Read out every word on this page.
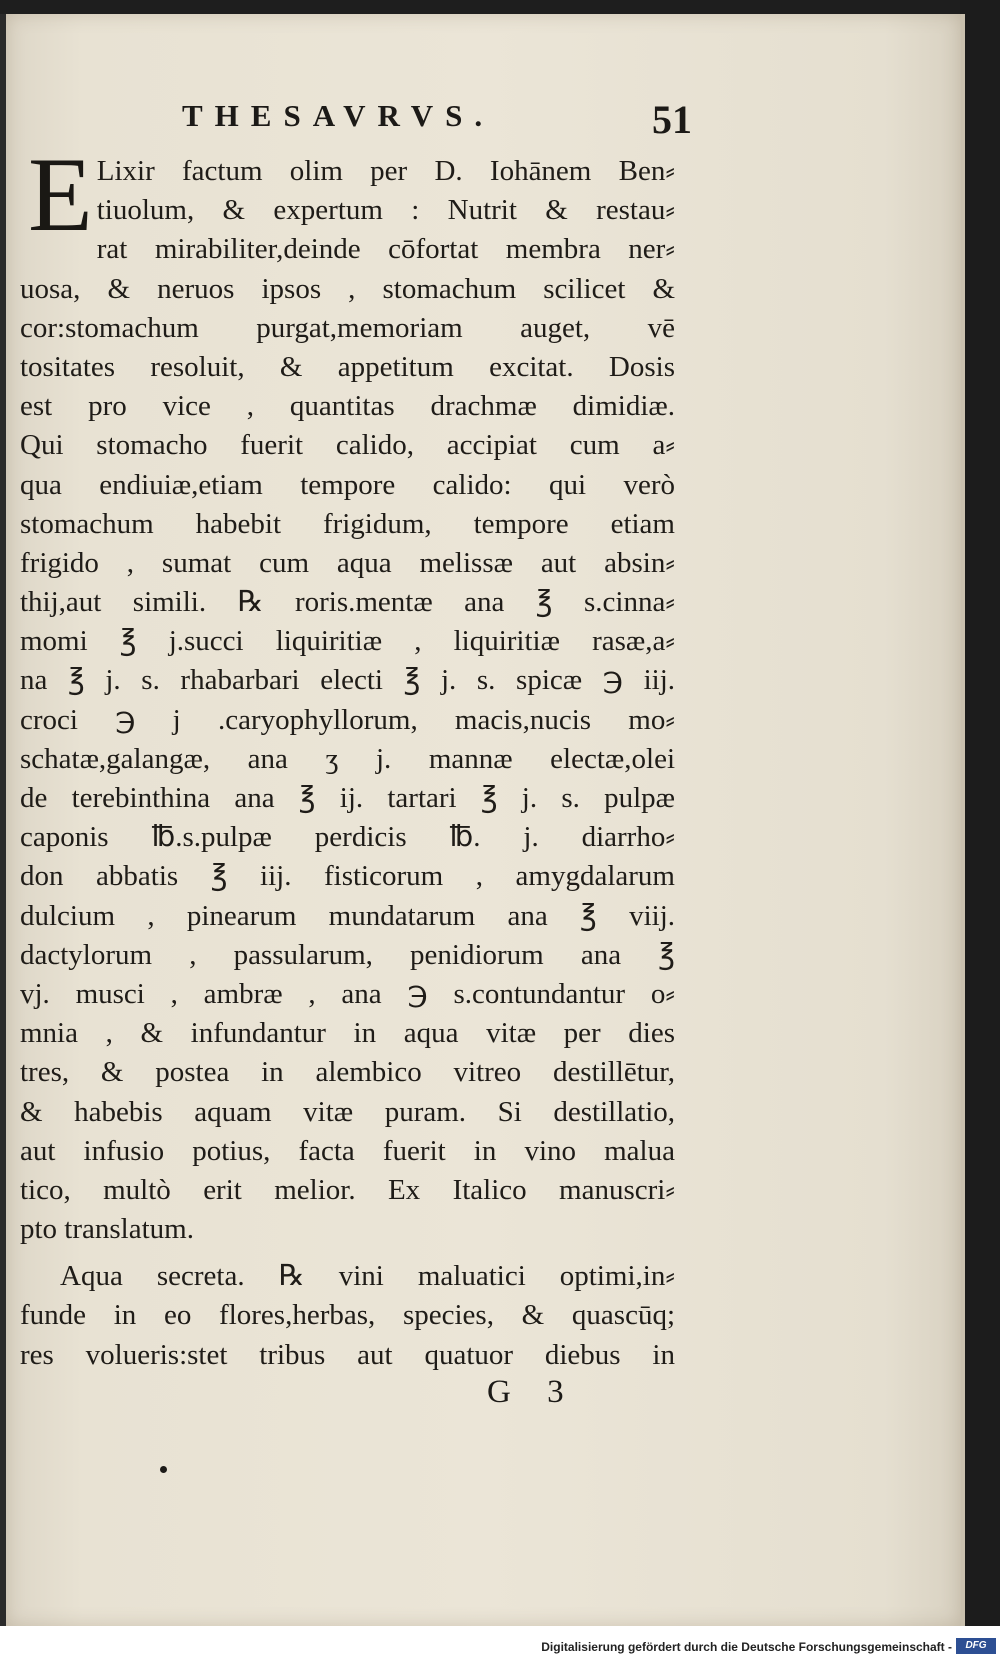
THESAVRVS.	51
E Lixir factum olim per D. Iohānem Ben⸗
tiuolum, & expertum : Nutrit & restau⸗
rat mirabiliter,deinde cōfortat membra ner⸗
uosa, & neruos ipsos , stomachum scilicet &
cor:stomachum purgat,memoriam auget, vē
tositates resoluit, & appetitum excitat. Dosis
est pro vice , quantitas drachmæ dimidiæ.
Qui stomacho fuerit calido, accipiat cum a⸗
qua endiuiæ,etiam tempore calido: qui verò
stomachum habebit frigidum, tempore etiam
frigido , sumat cum aqua melissæ aut absin⸗
thij,aut simili. ℞ roris.mentæ ana ℥ s.cinna⸗
momi ℥ j.succi liquiritiæ , liquiritiæ rasæ,a⸗
na ℥ j. s. rhabarbari electi ℥ j. s. spicæ ℈ iij.
croci ℈ j .caryophyllorum, macis,nucis mo⸗
schatæ,galangæ, ana ʒ j. mannæ electæ,olei
de terebinthina ana ℥ ij. tartari ℥ j. s. pulpæ
caponis ℔.s.pulpæ perdicis ℔. j. diarrho⸗
don abbatis ℥ iij. fisticorum , amygdalarum
dulcium , pinearum mundatarum ana ℥ viij.
dactylorum , passularum, penidiorum ana ℥
vj. musci , ambræ , ana ℈ s.contundantur o⸗
mnia , & infundantur in aqua vitæ per dies
tres, & postea in alembico vitreo destillētur,
& habebis aquam vitæ puram. Si destillatio,
aut infusio potius, facta fuerit in vino malua
tico, multò erit melior. Ex Italico manuscri⸗
pto translatum.
Aqua secreta. ℞ vini maluatici optimi,in⸗
funde in eo flores,herbas, species, & quascūq;
res volueris:stet tribus aut quatuor diebus in
G 3
Digitalisierung gefördert durch die Deutsche Forschungsgemeinschaft -	DFG
